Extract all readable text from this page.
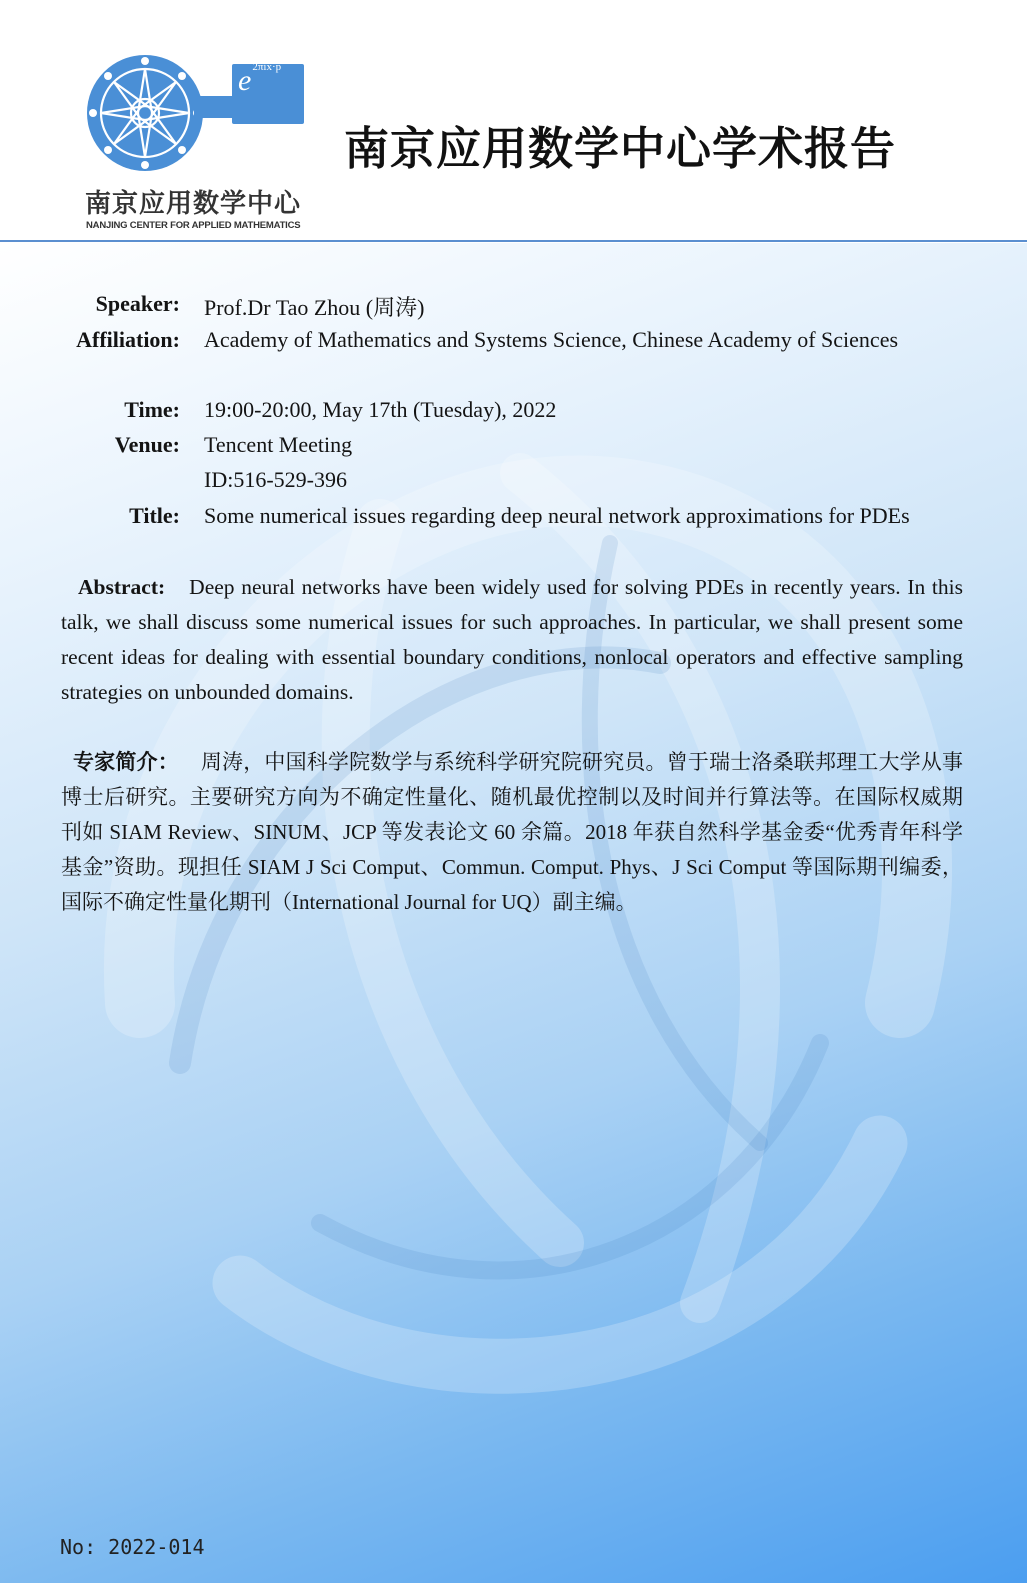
$e^{2\pi ix\cdot p}$
南京应用数学中心
NANJING CENTER FOR APPLIED MATHEMATICS
南京应用数学中心学术报告
Speaker: Prof.Dr Tao Zhou (周涛)
Affiliation: Academy of Mathematics and Systems Science, Chinese Academy of Sciences
Time: 19:00-20:00, May 17th (Tuesday), 2022
Venue: Tencent Meeting
ID:516-529-396
Title: Some numerical issues regarding deep neural network approximations for PDEs
Abstract: Deep neural networks have been widely used for solving PDEs in recently years. In this talk, we shall discuss some numerical issues for such approaches. In particular, we shall present some recent ideas for dealing with essential boundary conditions, nonlocal operators and effective sampling strategies on unbounded domains.
专家简介： 周涛，中国科学院数学与系统科学研究院研究员。曾于瑞士洛桑联邦理工大学从事博士后研究。主要研究方向为不确定性量化、随机最优控制以及时间并行算法等。在国际权威期刊如 SIAM Review、SINUM、JCP 等发表论文 60 余篇。2018 年获自然科学基金委“优秀青年科学基金”资助。现担任 SIAM J Sci Comput、Commun. Comput. Phys、J Sci Comput 等国际期刊编委，国际不确定性量化期刊（International Journal for UQ）副主编。
No: 2022-014
